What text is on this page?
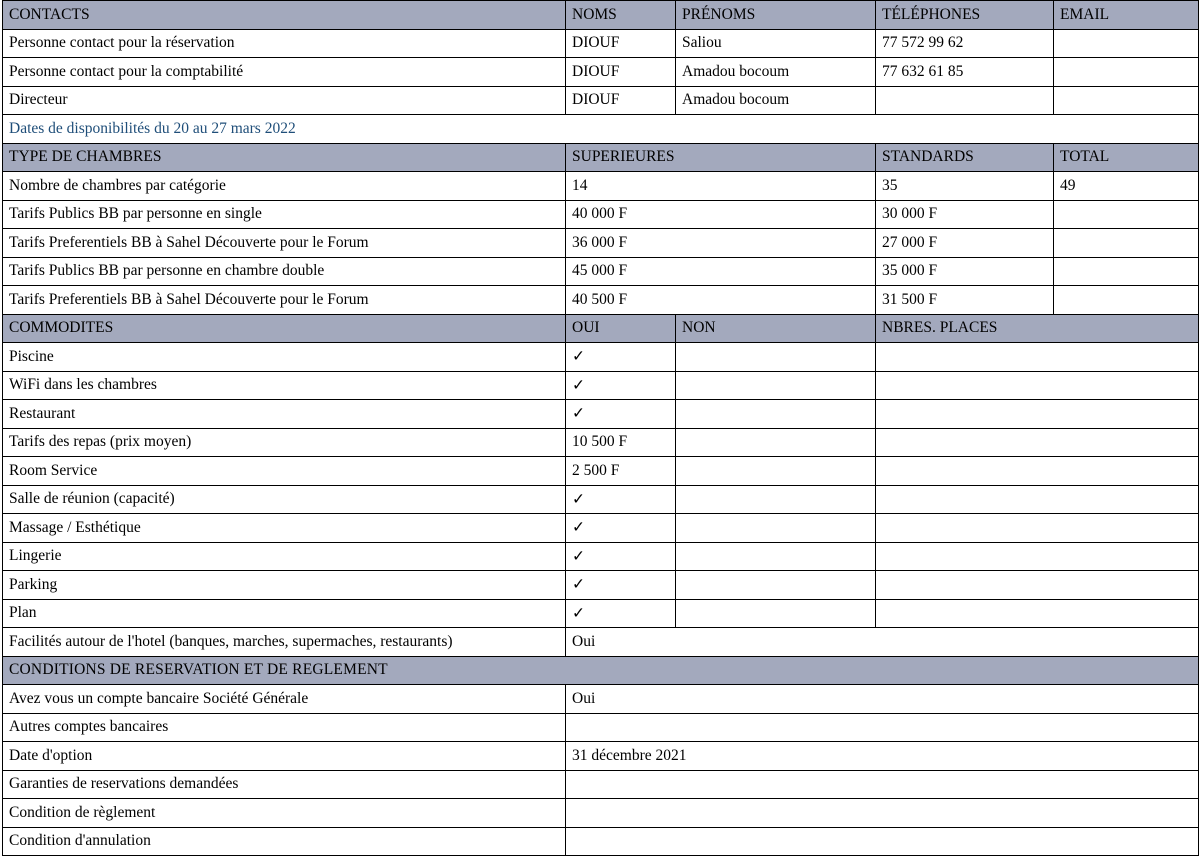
CONTACTS	NOMS	PRÉNOMS	TÉLÉPHONES	EMAIL
Personne contact pour la réservation	DIOUF	Saliou	77 572 99 62	
Personne contact pour la comptabilité	DIOUF	Amadou bocoum	77 632 61 85	
Directeur	DIOUF	Amadou bocoum		
Dates de disponibilités du 20 au 27 mars 2022				
TYPE DE CHAMBRES	SUPERIEURES		STANDARDS	TOTAL
Nombre de chambres par catégorie	14		35	49
Tarifs Publics BB par personne en single	40 000 F		30 000 F	
Tarifs Preferentiels BB à Sahel Découverte pour le Forum	36 000 F		27 000 F	
Tarifs Publics BB par personne en chambre double	45 000 F		35 000 F	
Tarifs Preferentiels BB à Sahel Découverte pour le Forum	40 500 F		31 500 F	
COMMODITES	OUI	NON	NBRES. PLACES	
Piscine	✓			
WiFi dans les chambres	✓			
Restaurant	✓			
Tarifs des repas (prix moyen)	10 500 F			
Room Service	2 500 F			
Salle de réunion (capacité)	✓			
Massage / Esthétique	✓			
Lingerie	✓			
Parking	✓			
Plan	✓			
Facilités autour de l'hotel (banques, marches, supermaches, restaurants)	Oui			
CONDITIONS DE RESERVATION ET DE REGLEMENT				
Avez vous un compte bancaire Société Générale	Oui			
Autres comptes bancaires				
Date d'option	31 décembre 2021			
Garanties de reservations demandées				
Condition de règlement				
Condition d'annulation				
